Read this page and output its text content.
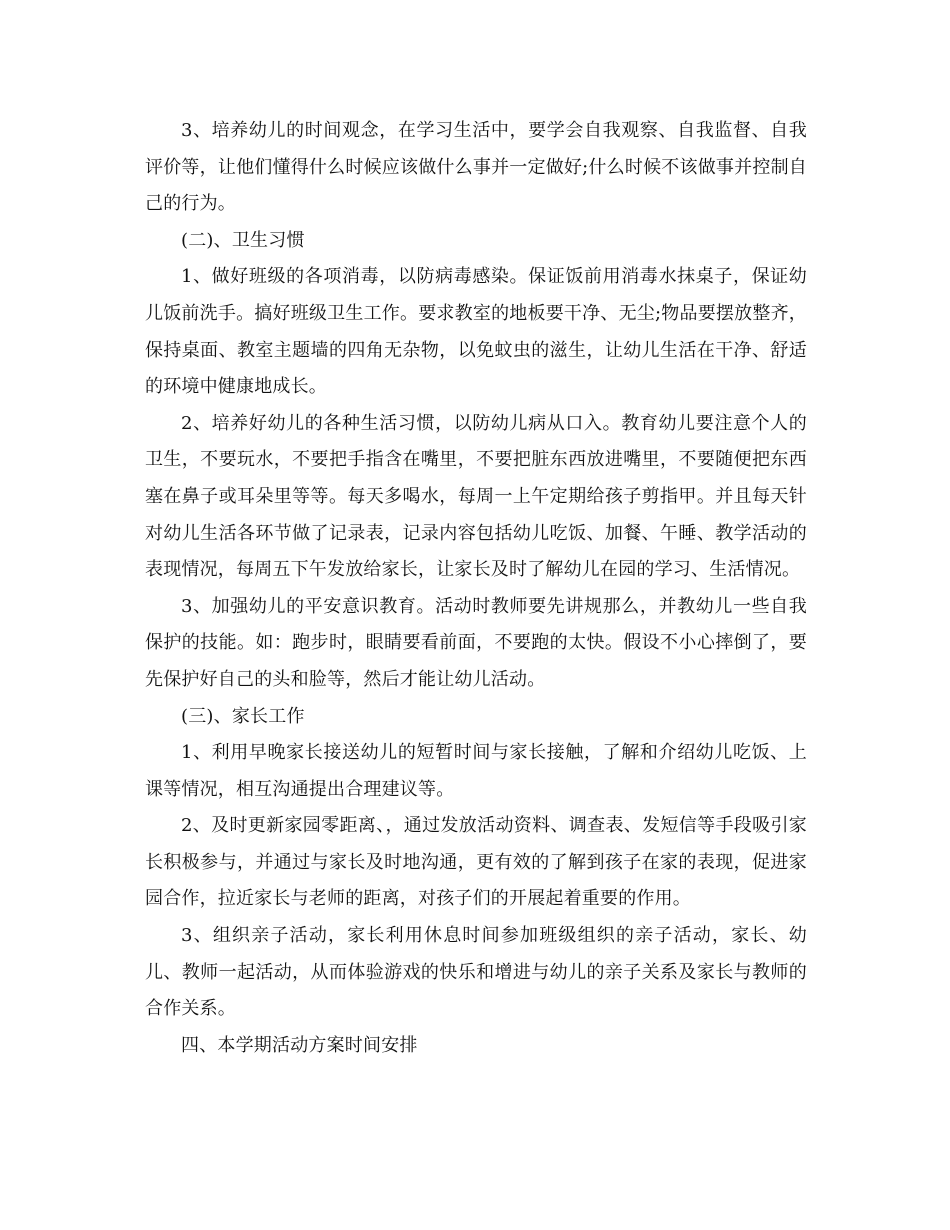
3、培养幼儿的时间观念，在学习生活中，要学会自我观察、自我监督、自我评价等，让他们懂得什么时候应该做什么事并一定做好;什么时候不该做事并控制自己的行为。

(二)、卫生习惯

1、做好班级的各项消毒，以防病毒感染。保证饭前用消毒水抹桌子，保证幼儿饭前洗手。搞好班级卫生工作。要求教室的地板要干净、无尘;物品要摆放整齐，保持桌面、教室主题墙的四角无杂物，以免蚊虫的滋生，让幼儿生活在干净、舒适的环境中健康地成长。

2、培养好幼儿的各种生活习惯，以防幼儿病从口入。教育幼儿要注意个人的卫生，不要玩水，不要把手指含在嘴里，不要把脏东西放进嘴里，不要随便把东西塞在鼻子或耳朵里等等。每天多喝水，每周一上午定期给孩子剪指甲。并且每天针对幼儿生活各环节做了记录表，记录内容包括幼儿吃饭、加餐、午睡、教学活动的表现情况，每周五下午发放给家长，让家长及时了解幼儿在园的学习、生活情况。

3、加强幼儿的平安意识教育。活动时教师要先讲规那么，并教幼儿一些自我保护的技能。如：跑步时，眼睛要看前面，不要跑的太快。假设不小心摔倒了，要先保护好自己的头和脸等，然后才能让幼儿活动。

(三)、家长工作

1、利用早晚家长接送幼儿的短暂时间与家长接触，了解和介绍幼儿吃饭、上课等情况，相互沟通提出合理建议等。

2、及时更新家园零距离、，通过发放活动资料、调查表、发短信等手段吸引家长积极参与，并通过与家长及时地沟通，更有效的了解到孩子在家的表现，促进家园合作，拉近家长与老师的距离，对孩子们的开展起着重要的作用。

3、组织亲子活动，家长利用休息时间参加班级组织的亲子活动，家长、幼儿、教师一起活动，从而体验游戏的快乐和增进与幼儿的亲子关系及家长与教师的合作关系。

四、本学期活动方案时间安排
